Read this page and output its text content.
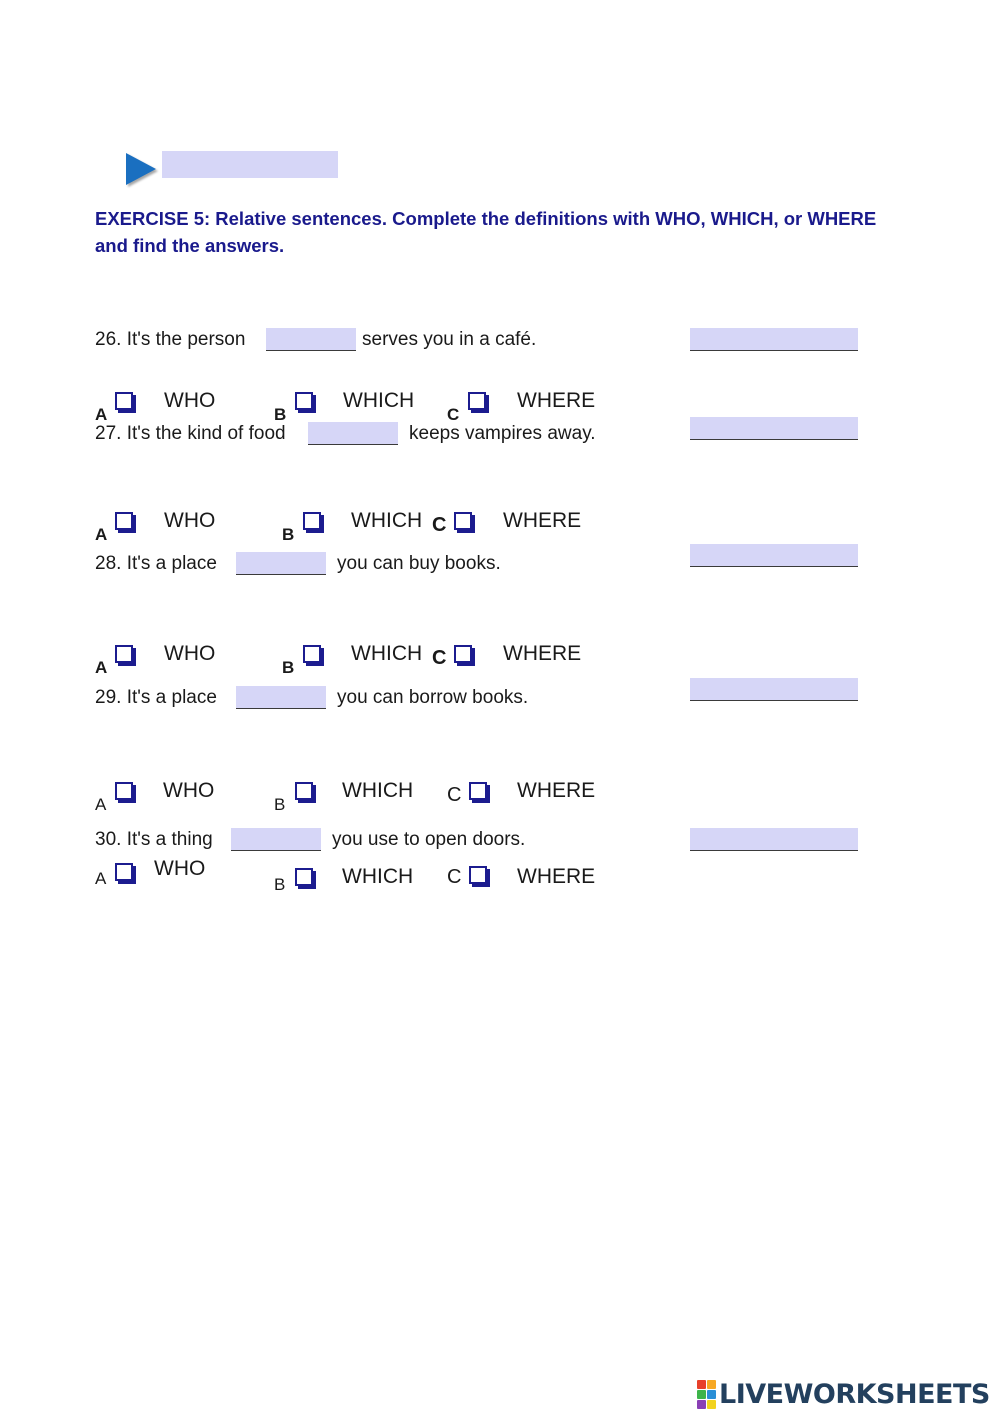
EXERCISE 5: Relative sentences. Complete the definitions with WHO, WHICH, or WHERE and find the answers.
26. It's the person	serves you in a café.
A
WHO
B
WHICH
C
WHERE
27. It's the kind of food	keeps vampires away.
A
WHO
B
WHICH C	WHERE
28. It's a place	you can buy books.
A
WHO
B
WHICH C	WHERE
29. It's a place	you can borrow books.
A
WHO
B
WHICH C	WHERE
30. It's a thing	you use to open doors.
A WHO
B	WHICH C	WHERE
LIVEWORKSHEETS
